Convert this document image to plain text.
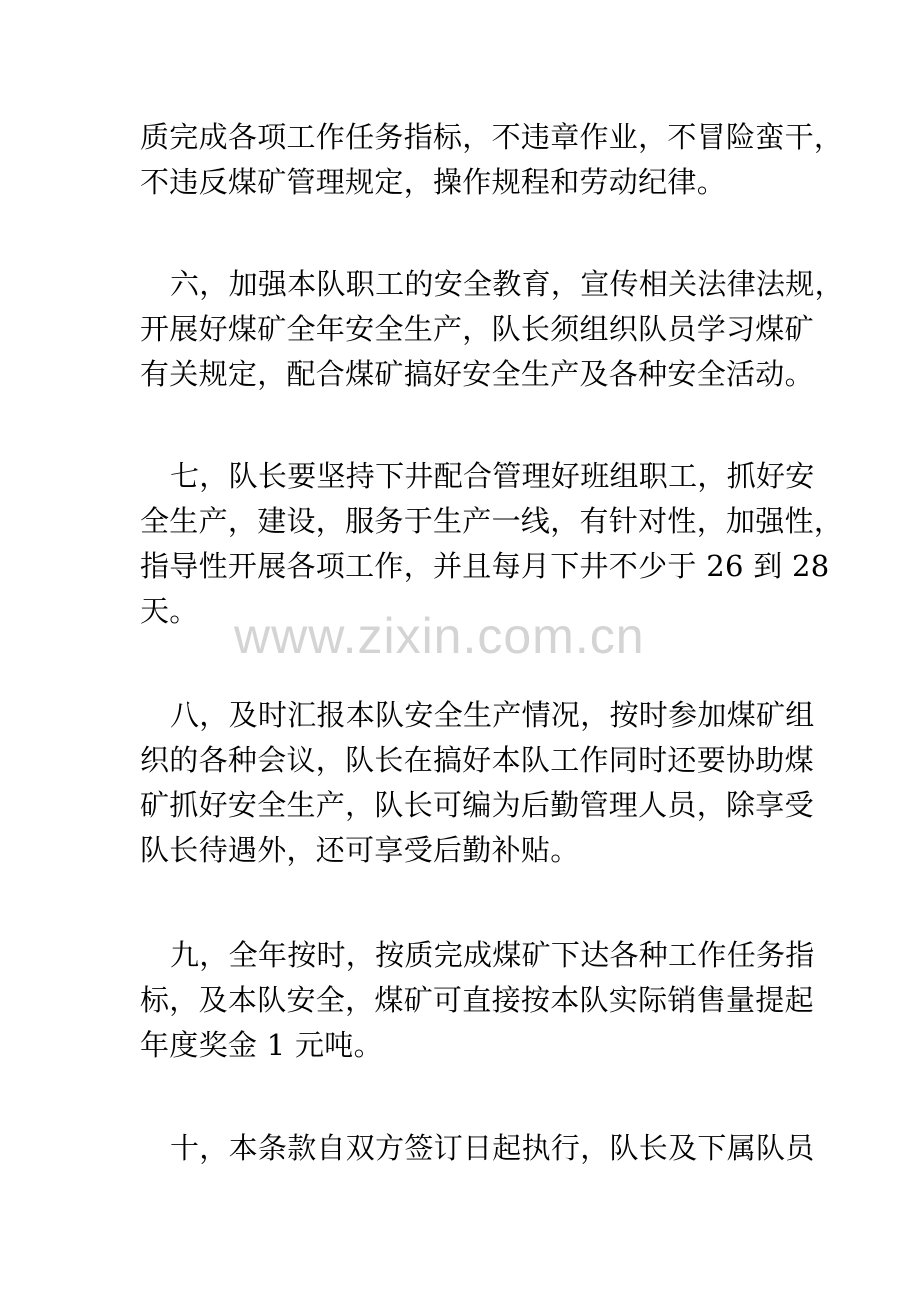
质完成各项工作任务指标，不违章作业，不冒险蛮干，
不违反煤矿管理规定，操作规程和劳动纪律。

六，加强本队职工的安全教育，宣传相关法律法规，
开展好煤矿全年安全生产，队长须组织队员学习煤矿
有关规定，配合煤矿搞好安全生产及各种安全活动。

七，队长要坚持下井配合管理好班组职工，抓好安
全生产，建设，服务于生产一线，有针对性，加强性，
指导性开展各项工作，并且每月下井不少于 26 到 28
天。

八，及时汇报本队安全生产情况，按时参加煤矿组
织的各种会议，队长在搞好本队工作同时还要协助煤
矿抓好安全生产，队长可编为后勤管理人员，除享受
队长待遇外，还可享受后勤补贴。

九，全年按时，按质完成煤矿下达各种工作任务指
标，及本队安全，煤矿可直接按本队实际销售量提起
年度奖金 1 元吨。

十，本条款自双方签订日起执行，队长及下属队员

www.zixin.com.cn
